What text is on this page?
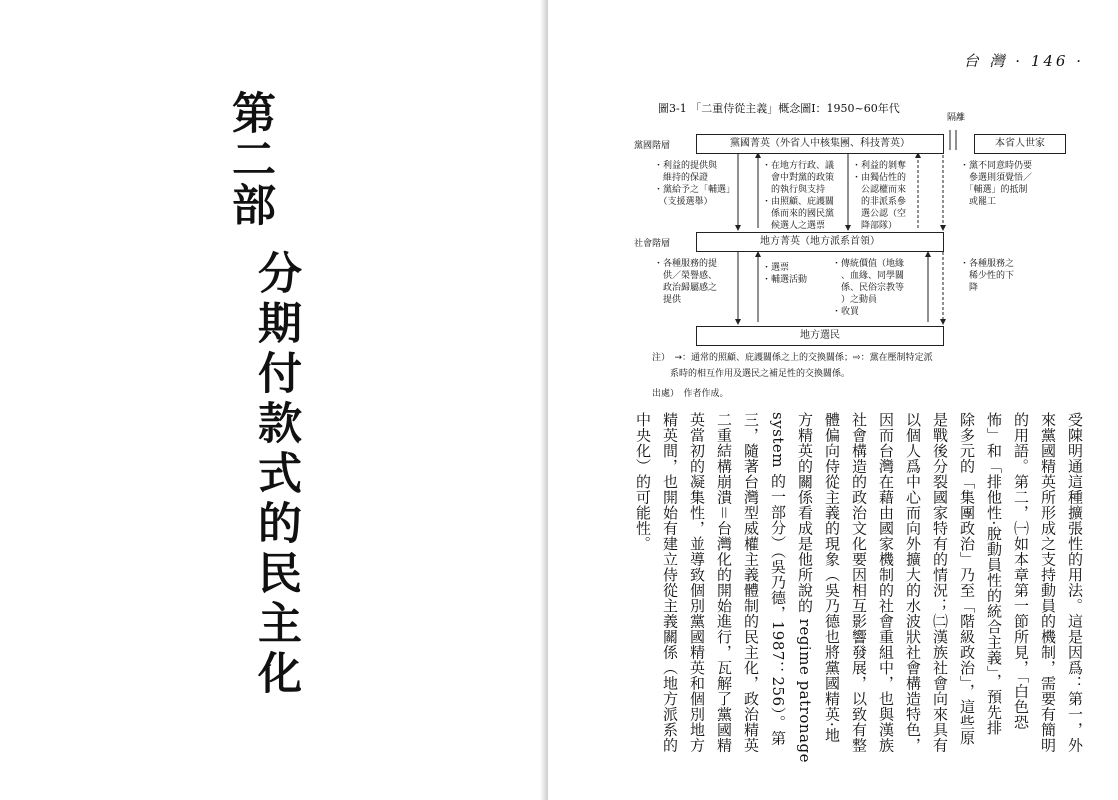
第二部
分期付款式的民主化
台 灣 · 146 ·
圖3-1 「二重侍從主義」概念圖Ⅰ：1950~60年代
黨國階層
社會階層
黨國菁英（外省人中核集團、科技菁英）
隔離
本省人世家
地方菁英（地方派系首領）
地方選民
・利益的提供與
　維持的保證
・黨給予之「輔選」
　（支援選舉）
・在地方行政、議
　會中對黨的政策
　的執行與支持
・由照顧、庇護關
　係而來的國民黨
　候選人之選票
・利益的剝奪
・由獨佔性的
　公認權而來
　的非派系參
　選公認（空
　降部隊）
・黨不同意時仍要
　參選則須覺悟／
　「輔選」的抵制
　或罷工
・各種服務的提
　供／榮譽感、
　政治歸屬感之
　提供
・選票
・輔選活動
・傳統價值（地緣
　、血緣、同學關
　係、民俗宗教等
　）之動員
・收買
・各種服務之
　稀少性的下
　降
注）　→：通常的照顧、庇護關係之上的交換關係；⇨：黨在壓制特定派
　　系時的相互作用及選民之補足性的交換關係。
出處）　作者作成。

受陳明通這種擴張性的用法。這是因爲：第一，外

來黨國精英所形成之支持動員的機制，需要有簡明

的用語。第二，㈠如本章第一節所見，「白色恐

怖」和「排他性·脫動員性的統合主義」，預先排

除多元的「集團政治」乃至「階級政治」，這些原

是戰後分裂國家特有的情況；㈡漢族社會向來具有

以個人爲中心而向外擴大的水波狀社會構造特色，

因而台灣在藉由國家機制的社會重組中，也與漢族

社會構造的政治文化要因相互影響發展，以致有整

體偏向侍從主義的現象（吳乃德也將黨國精英·地

方精英的關係看成是他所說的 regime patronage

system 的一部分）（吳乃德，1987：256）。第

三，隨著台灣型威權主義體制的民主化，政治精英

二重結構崩潰＝台灣化的開始進行，瓦解了黨國精

英當初的凝集性，並導致個別黨國精英和個別地方

精英間，也開始有建立侍從主義關係（地方派系的

中央化）的可能性。
